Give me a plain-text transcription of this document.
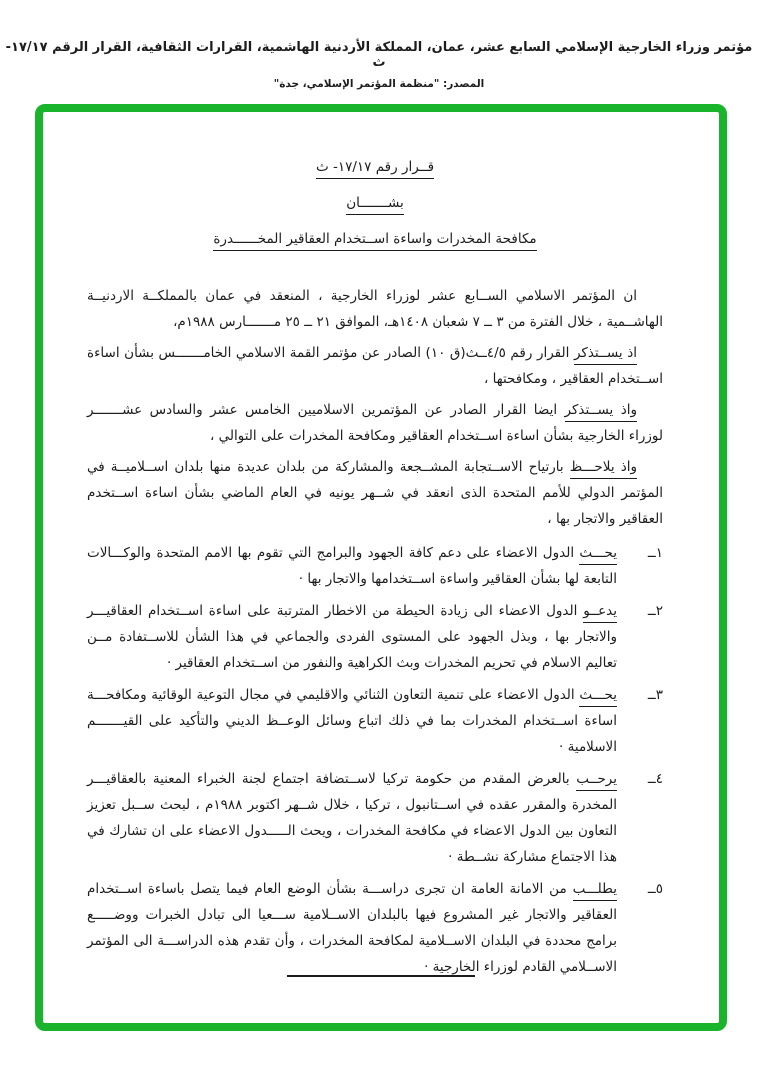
مؤتمر وزراء الخارجية الإسلامي السابع عشر، عمان، المملكة الأردنية الهاشمية، القرارات الثقافية، القرار الرقم ١٧/١٧-ث
المصدر: "منظمة المؤتمر الإسلامي، جدة"
قــرار رقم ١٧/١٧- ث
بشـــــــان
مكافحة المخدرات واساءة اســتخدام العقاقير المخــــــدرة

ان المؤتمر الاسلامي الســابع عشر لوزراء الخارجية ، المنعقد في عمان بالمملكــة الاردنيــة الهاشــمية ، خلال الفترة من ٣ ــ ٧ شعبان ١٤٠٨هـ، الموافق ٢١ ــ ٢٥ مـــــــارس ١٩٨٨م،

اذ يســتذكر القرار رقم ٤/٥ــث(ق ١٠) الصادر عن مؤتمر القمة الاسلامي الخامـــــــس بشأن اساءة اســتخدام العقاقير ، ومكافحتها ،

واذ يســتذكر ايضا القرار الصادر عن المؤتمرين الاسلاميين الخامس عشر والسادس عشـــــــر لوزراء الخارجية بشأن اساءة اســتخدام العقاقير ومكافحة المخدرات على التوالي ،

واذ يلاحـــظ بارتياح الاســتجابة المشــجعة والمشاركة من بلدان عديدة منها بلدان اســلاميــة في المؤتمر الدولي للأمم المتحدة الذى انعقد في شــهر يونيه في العام الماضي بشأن اساءة اســتخدم العقاقير والاتجار بها ،

١ــ

يحـــث الدول الاعضاء على دعم كافة الجهود والبرامج التي تقوم بها الامم المتحدة والوكـــالات التابعة لها بشأن العقاقير واساءة اســتخدامها والاتجار بها ·

٢ــ

يدعــو الدول الاعضاء الى زيادة الحيطة من الاخطار المترتبة على اساءة اســتخدام العقاقيـــر والاتجار بها ، وبذل الجهود على المستوى الفردى والجماعي في هذا الشأن للاســتفادة مــن تعاليم الاسلام في تحريم المخدرات وبث الكراهية والنفور من اســتخدام العقاقير ·

٣ــ

يحـــث الدول الاعضاء على تنمية التعاون الثنائي والاقليمي في مجال التوعية الوقائية ومكافحـــة اساءة اســتخدام المخدرات بما في ذلك اتباع وسائل الوعــظ الديني والتأكيد على القيـــــــم الاسلامية ·

٤ــ

يرحــب بالعرض المقدم من حكومة تركيا لاســتضافة اجتماع لجنة الخبراء المعنية بالعقاقيـــر المخدرة والمقرر عقده في اســتانبول ، تركيا ، خلال شــهر اكتوبر ١٩٨٨م ، لبحث ســبل تعزيز التعاون بين الدول الاعضاء في مكافحة المخدرات ، ويحث الـــــدول الاعضاء على ان تشارك في هذا الاجتماع مشاركة نشــطة ·

٥ــ

يطلـــب من الامانة العامة ان تجرى دراســـة بشأن الوضع العام فيما يتصل باساءة اســتخدام العقاقير والاتجار غير المشروع فيها بالبلدان الاســلامية ســـعيا الى تبادل الخبرات ووضـــــع برامج محددة في البلدان الاســلامية لمكافحة المخدرات ، وأن تقدم هذه الدراســـة الى المؤتمر الاســلامي القادم لوزراء الخارجية ·
